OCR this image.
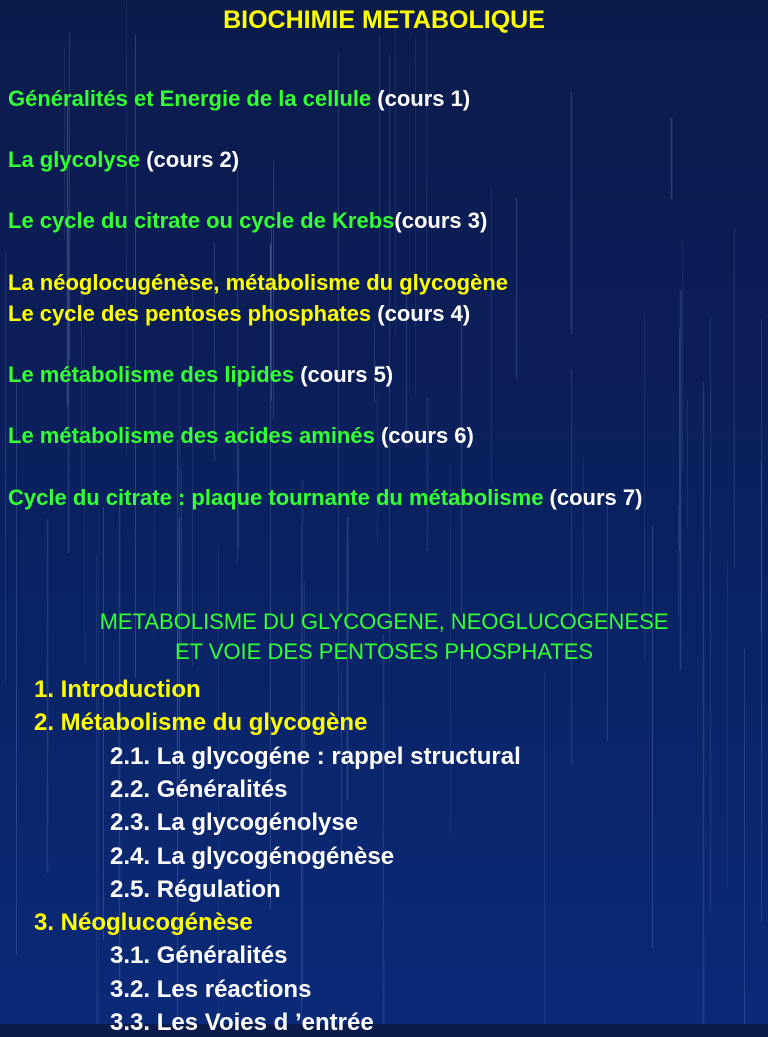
BIOCHIMIE METABOLIQUE
Généralités et Energie de la cellule (cours 1)
La glycolyse (cours 2)
Le cycle du citrate ou cycle de Krebs(cours 3)
La néoglocugénèse, métabolisme du glycogène
Le cycle des pentoses phosphates (cours 4)
Le métabolisme des lipides (cours 5)
Le métabolisme des acides aminés (cours 6)
Cycle du citrate : plaque tournante du métabolisme (cours 7)
METABOLISME DU GLYCOGENE, NEOGLUCOGENESE
ET VOIE DES PENTOSES PHOSPHATES
1. Introduction
2. Métabolisme du glycogène
2.1. La glycogéne : rappel structural
2.2. Généralités
2.3. La glycogénolyse
2.4. La glycogénogénèse
2.5. Régulation
3. Néoglucogénèse
3.1. Généralités
3.2. Les réactions
3.3. Les Voies d ’entrée
